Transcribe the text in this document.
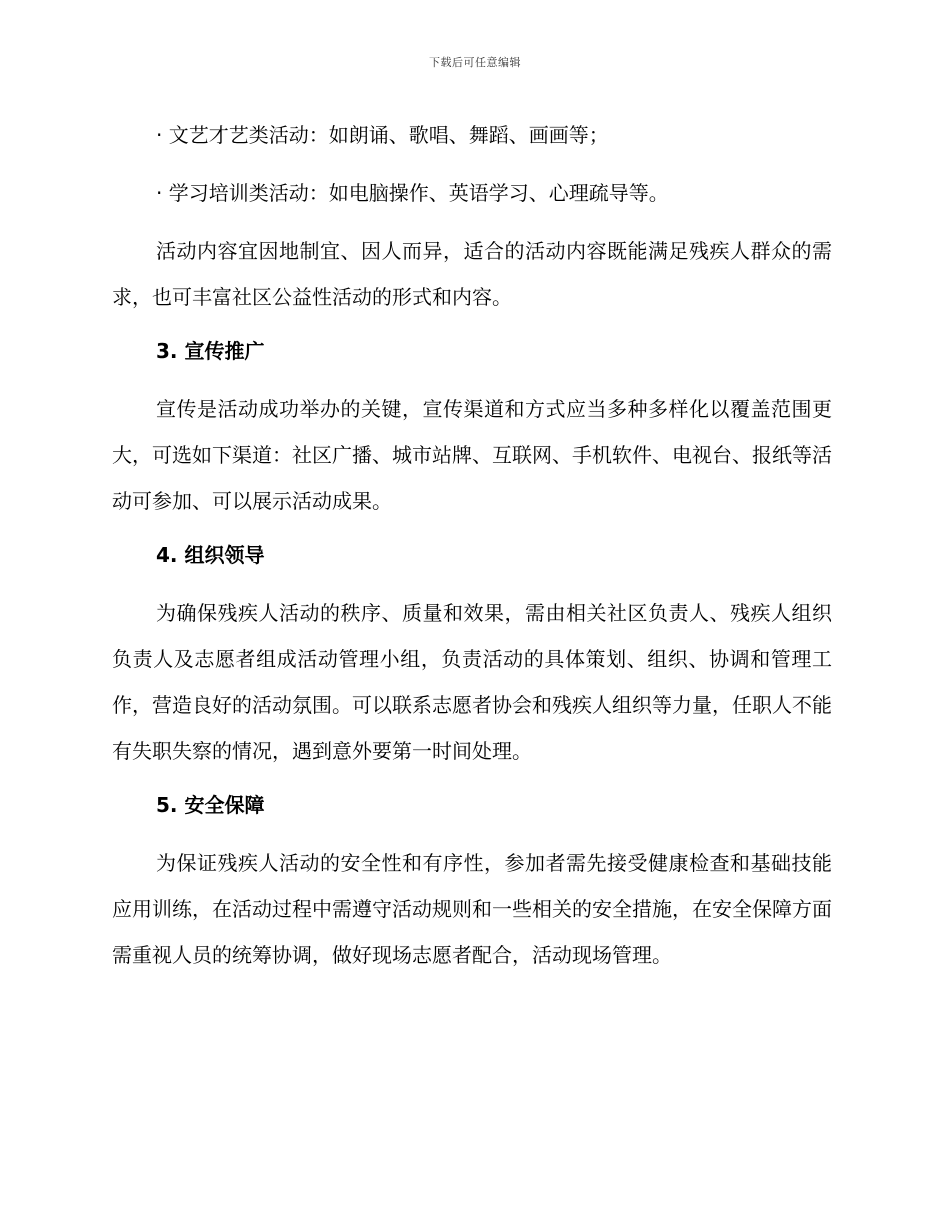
下载后可任意编辑

· 文艺才艺类活动：如朗诵、歌唱、舞蹈、画画等；

· 学习培训类活动：如电脑操作、英语学习、心理疏导等。

活动内容宜因地制宜、因人而异，适合的活动内容既能满足残疾人群众的需求，也可丰富社区公益性活动的形式和内容。

3. 宣传推广

宣传是活动成功举办的关键，宣传渠道和方式应当多种多样化以覆盖范围更大，可选如下渠道：社区广播、城市站牌、互联网、手机软件、电视台、报纸等活动可参加、可以展示活动成果。

4. 组织领导

为确保残疾人活动的秩序、质量和效果，需由相关社区负责人、残疾人组织负责人及志愿者组成活动管理小组，负责活动的具体策划、组织、协调和管理工作，营造良好的活动氛围。可以联系志愿者协会和残疾人组织等力量，任职人不能有失职失察的情况，遇到意外要第一时间处理。

5. 安全保障

为保证残疾人活动的安全性和有序性，参加者需先接受健康检查和基础技能应用训练，在活动过程中需遵守活动规则和一些相关的安全措施，在安全保障方面需重视人员的统筹协调，做好现场志愿者配合，活动现场管理。
